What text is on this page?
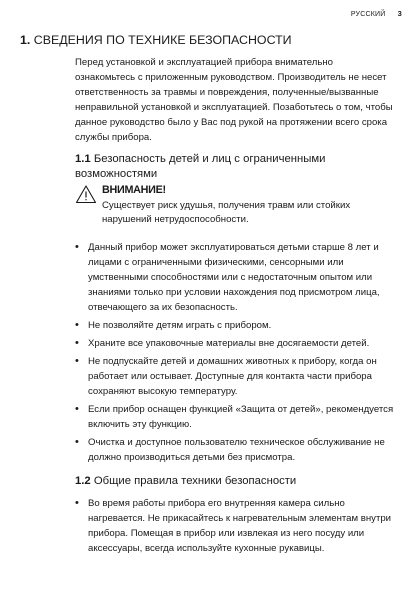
РУССКИЙ 3
1. СВЕДЕНИЯ ПО ТЕХНИКЕ БЕЗОПАСНОСТИ
Перед установкой и эксплуатацией прибора внимательно ознакомьтесь с приложенным руководством. Производитель не несет ответственность за травмы и повреждения, полученные/вызванные неправильной установкой и эксплуатацией. Позаботьтесь о том, чтобы данное руководство было у Вас под рукой на протяжении всего срока службы прибора.
1.1 Безопасность детей и лиц с ограниченными возможностями
ВНИМАНИЕ!
Существует риск удушья, получения травм или стойких нарушений нетрудоспособности.
• Данный прибор может эксплуатироваться детьми старше 8 лет и лицами с ограниченными физическими, сенсорными или умственными способностями или с недостаточным опытом или знаниями только при условии нахождения под присмотром лица, отвечающего за их безопасность.
• Не позволяйте детям играть с прибором.
• Храните все упаковочные материалы вне досягаемости детей.
• Не подпускайте детей и домашних животных к прибору, когда он работает или остывает. Доступные для контакта части прибора сохраняют высокую температуру.
• Если прибор оснащен функцией «Защита от детей», рекомендуется включить эту функцию.
• Очистка и доступное пользователю техническое обслуживание не должно производиться детьми без присмотра.
1.2 Общие правила техники безопасности
• Во время работы прибора его внутренняя камера сильно нагревается. Не прикасайтесь к нагревательным элементам внутри прибора. Помещая в прибор или извлекая из него посуду или аксессуары, всегда используйте кухонные рукавицы.
